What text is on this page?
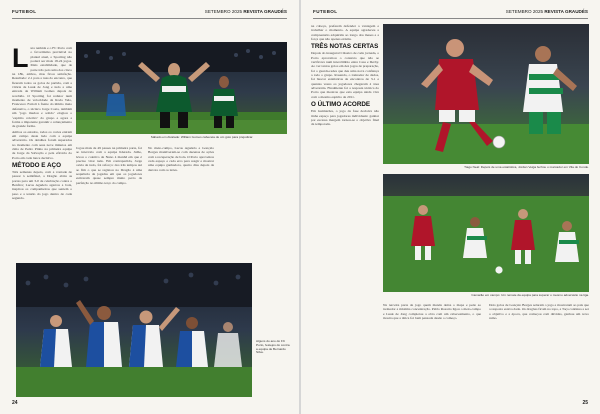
FUTEBOL	SETEMBRO 2025 REVISTA GRAUDÉS
L uta renhida e o FC Porto com o favoritismo previsível no plantel atual, o Sporting não poderá ser mais 18-24 jogos. Mais estabilidade, que de parte três pois uma dos cinco na 18h, ambos, mas ficou satisfação. Resultado: 2-1 para a ruas do enconro, que fizeram todos os golos de partida, com a vitória de Luuk de Jong e tudo a uma entrada de William Gomes depois de recebida. O Sporting foi redutor num momento de velocidade da Roda Velo, Francesco Farioli à frente do último meio defensivo, o técnico Jorge Costa, também um ‘jogo mudou e solido’ elogiou o ‘espírito coletivo’ do grupo e agora a forma a impotente garantir o relançamento de grande forma.

Ambos os estados, todos os cortes entram em campo deste lado com a equipa adversário. Os detalhes foram superados no momento com seus nove minutos em cima de Pedro Pinho na primeira equipa de Jorge da Salvação e pela eficácia do Porto em cada lance decisivo.

MÉTODO E AÇO

Três semanas depois, com a vontade de passar à semifinal, a Dragão abriu as portas para um 3-0 de celebração contra o Benfica; Lucas Agudelo agarrou a bola, inspirou os companheiros que sentem o peso e a tensão do jogo dentro de cada segundo.

Sábado em Alvalade: William Gomes cabeceia de um golo para prejudicar.

Jogou mais de 49 passes na primeira parte, foi ao intervalo com a equipa liderada. Julho, levou o coletivo de Nuno à manhã em que é preciso virar tudo. Em contrapartida, Jorge ouvia de tudo, foi reforço: dos três tempos até ao fim o que se registou no Dragão é uma sequência de jogadas em que os jogadores estiveram quase sempre muito perto da perfeição no último terço do campo.

No meio-campo, Lucas Agudelo e Gonçalo Borges mantiveram-se com dezenas de ações com a recuperação de bola. O Porto aproveitou cada espaço e cada erro para reagir e mostrar uma equipa ganhadora, quatro dias depois da derrota com os leões.

Alguns do ano do FC Porto, festejos do contra a equipa de Bernardo Silva.
24
FUTEBOL	SETEMBRO 2025 REVISTA GRAUDÉS

na cabeça, preferem defender a vantagem e trabalhar o momento. A equipa agradeceu a compreensão adquirida ao longo dos meses e a força que não apenas existiu.

TRÊS NOTAS CERTAS

Depois do inaugural Clássico de cada jornada, o Porto aproveitou o contexto que não se verificava num intercâmbio entre Casa e Derby. Ao ver tantos golos em dez jogos de preparação, foi o guarda-redes que deu uma nova confiança a todo o grupo. Rosendo, o treinador de dados, foi buscar estatísticas de encontros de 3-1 e quantas vezes os jogadores chegaram à área adversária. Finalmente foi a resposta técnica do Porto que mostrou que esta equipa ainda vive com o mesmo espírito de 2011.

O ÚLTIMO ACORDE

Em Guimarães, o jogo da fase decisiva não tinha espaço para jogadores individuais: ganhar por escassa margem tornou-se o objetivo final da temporada.

Tiago Neal: Depois de uma estatística, Jordan Veiga fechou o marcador em Vila do Conde.
Camarão em campo: Um remate da equipa para superar o mesmo adversário na liga.

Na terceira parte de jogo quem manda deixa o mapa e pede ao treinador a máxima concentração. Pablo Rosario ligou o meio-campo e Luuk de Jong completou a obra com um cabeceamento, o que mostra que a tática foi bem pensada desde o começo.

Dois golos de Gonçalo Borges selaram o jogo e mostraram ao país que a resposta estava dada. Os dragões ficam no topo, a Taça continua a ser o objetivo e a época, que começou com dúvidas, ganhou um novo rumo.

25
